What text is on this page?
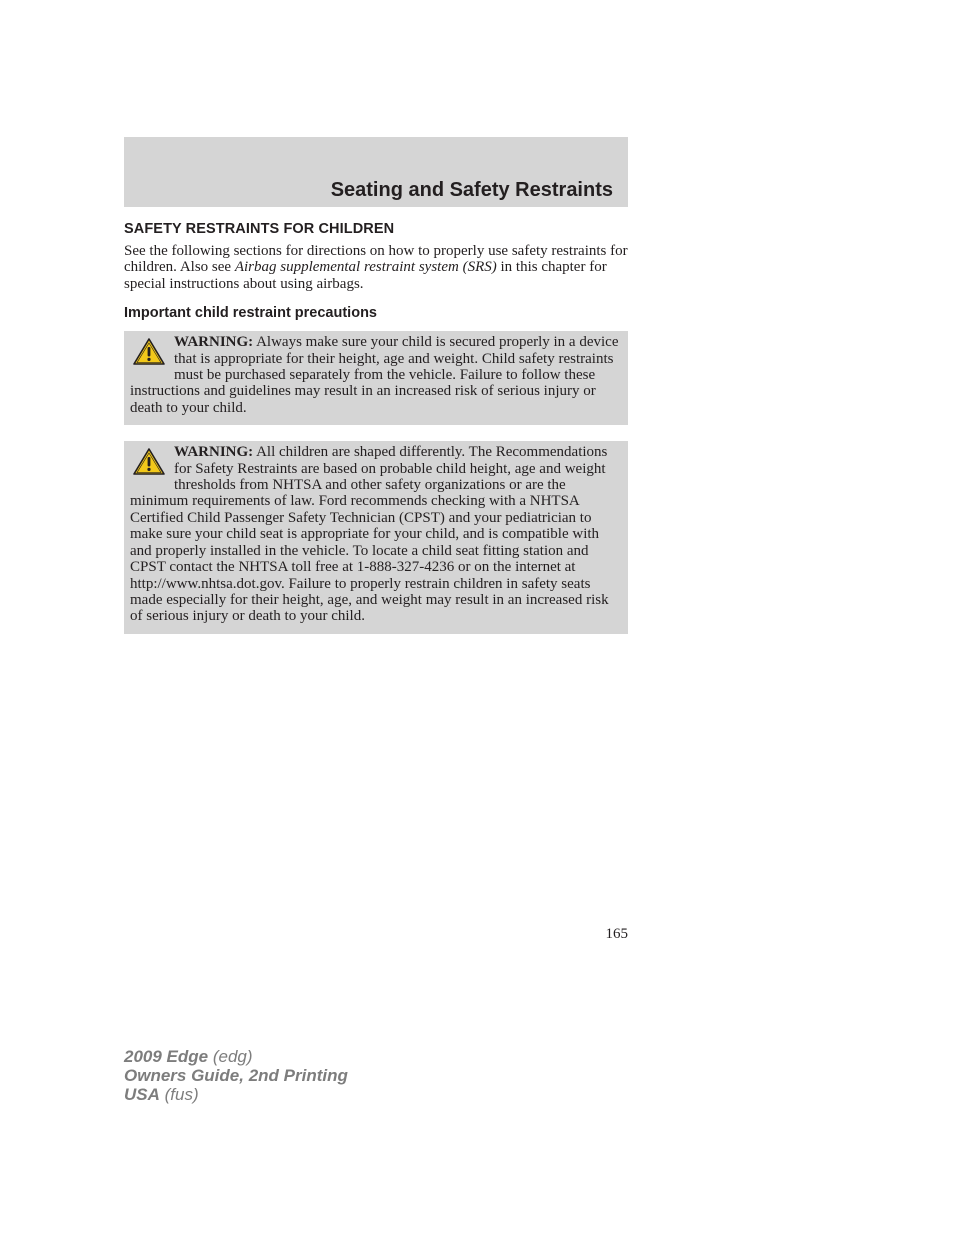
Seating and Safety Restraints
SAFETY RESTRAINTS FOR CHILDREN

See the following sections for directions on how to properly use safety restraints for children. Also see Airbag supplemental restraint system (SRS) in this chapter for special instructions about using airbags.

Important child restraint precautions

WARNING: Always make sure your child is secured properly in a device that is appropriate for their height, age and weight. Child safety restraints must be purchased separately from the vehicle. Failure to follow these instructions and guidelines may result in an increased risk of serious injury or death to your child.

WARNING: All children are shaped differently. The Recommendations for Safety Restraints are based on probable child height, age and weight thresholds from NHTSA and other safety organizations or are the minimum requirements of law. Ford recommends checking with a NHTSA Certified Child Passenger Safety Technician (CPST) and your pediatrician to make sure your child seat is appropriate for your child, and is compatible with and properly installed in the vehicle. To locate a child seat fitting station and CPST contact the NHTSA toll free at 1-888-327-4236 or on the internet at http://www.nhtsa.dot.gov. Failure to properly restrain children in safety seats made especially for their height, age, and weight may result in an increased risk of serious injury or death to your child.

165
2009 Edge (edg)
Owners Guide, 2nd Printing
USA (fus)
